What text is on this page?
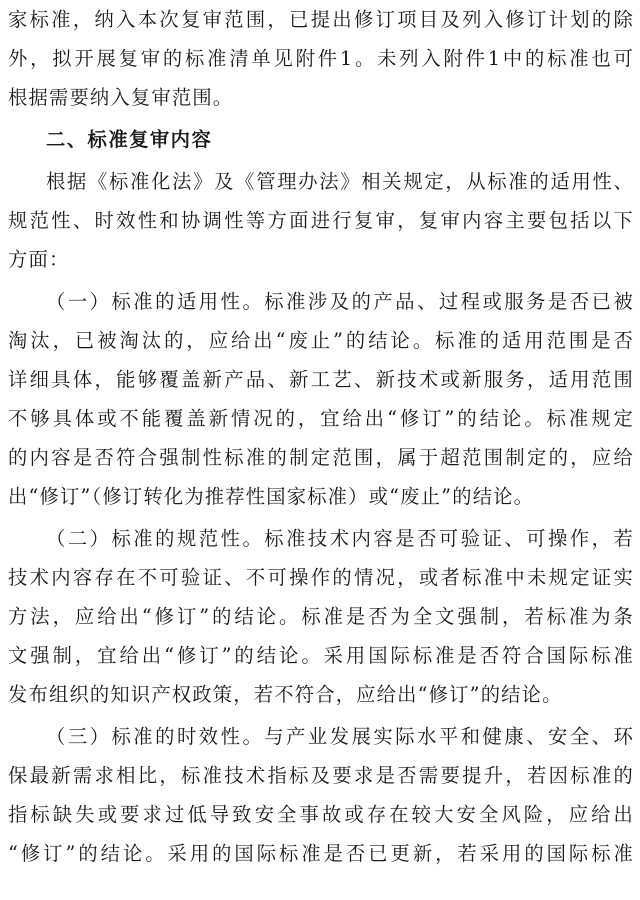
家标准，纳入本次复审范围，已提出修订项目及列入修订计划的除
外，拟开展复审的标准清单见附件1。未列入附件1中的标准也可
根据需要纳入复审范围。
二、标准复审内容
根据《标准化法》及《管理办法》相关规定，从标准的适用性、
规范性、时效性和协调性等方面进行复审，复审内容主要包括以下
方面：
（一）标准的适用性。标准涉及的产品、过程或服务是否已被
淘汰，已被淘汰的，应给出“废止”的结论。标准的适用范围是否
详细具体，能够覆盖新产品、新工艺、新技术或新服务，适用范围
不够具体或不能覆盖新情况的，宜给出“修订”的结论。标准规定
的内容是否符合强制性标准的制定范围，属于超范围制定的，应给
出“修订”（修订转化为推荐性国家标准）或“废止”的结论。
（二）标准的规范性。标准技术内容是否可验证、可操作，若
技术内容存在不可验证、不可操作的情况，或者标准中未规定证实
方法，应给出“修订”的结论。标准是否为全文强制，若标准为条
文强制，宜给出“修订”的结论。采用国际标准是否符合国际标准
发布组织的知识产权政策，若不符合，应给出“修订”的结论。
（三）标准的时效性。与产业发展实际水平和健康、安全、环
保最新需求相比，标准技术指标及要求是否需要提升，若因标准的
指标缺失或要求过低导致安全事故或存在较大安全风险，应给出
“修订”的结论。采用的国际标准是否已更新，若采用的国际标准
